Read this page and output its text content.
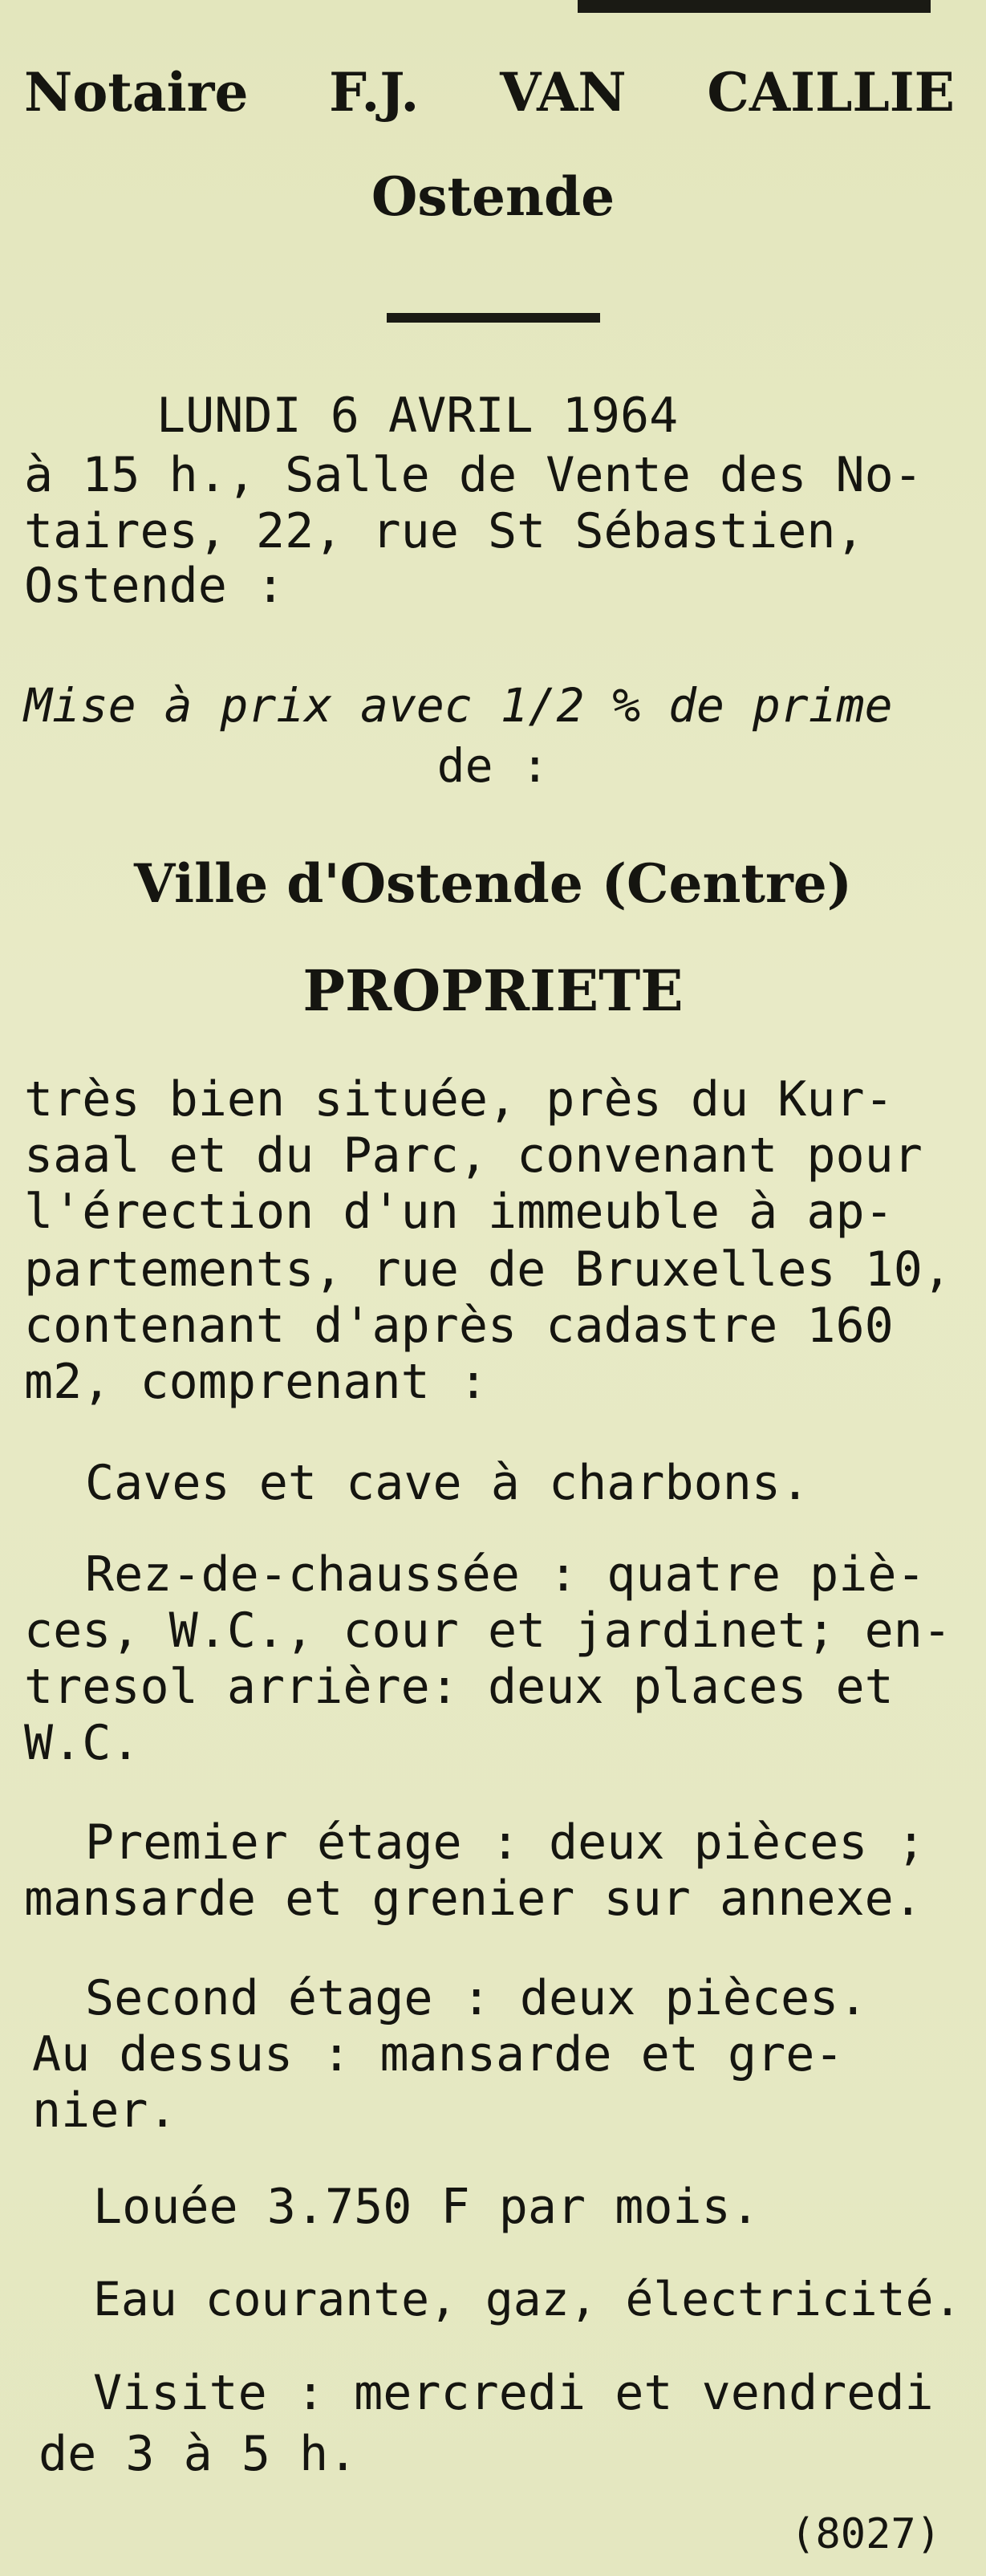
Notaire F.J. VAN CAILLIE
Ostende
LUNDI 6 AVRIL 1964
à 15 h., Salle de Vente des No-
taires, 22, rue St Sébastien,
Ostende :
Mise à prix avec 1/2 % de prime
de :
Ville d'Ostende (Centre)
PROPRIETE
très bien située, près du Kur-
saal et du Parc, convenant pour
l'érection d'un immeuble à ap-
partements, rue de Bruxelles 10,
contenant d'après cadastre 160
m2, comprenant :
Caves et cave à charbons.
Rez-de-chaussée : quatre piè-
ces, W.C., cour et jardinet; en-
tresol arrière: deux places et
W.C.
Premier étage : deux pièces ;
mansarde et grenier sur annexe.
Second étage : deux pièces.
Au dessus : mansarde et gre-
nier.
Louée 3.750 F par mois.
Eau courante, gaz, électricité.
Visite : mercredi et vendredi
de 3 à 5 h.
(8027)
